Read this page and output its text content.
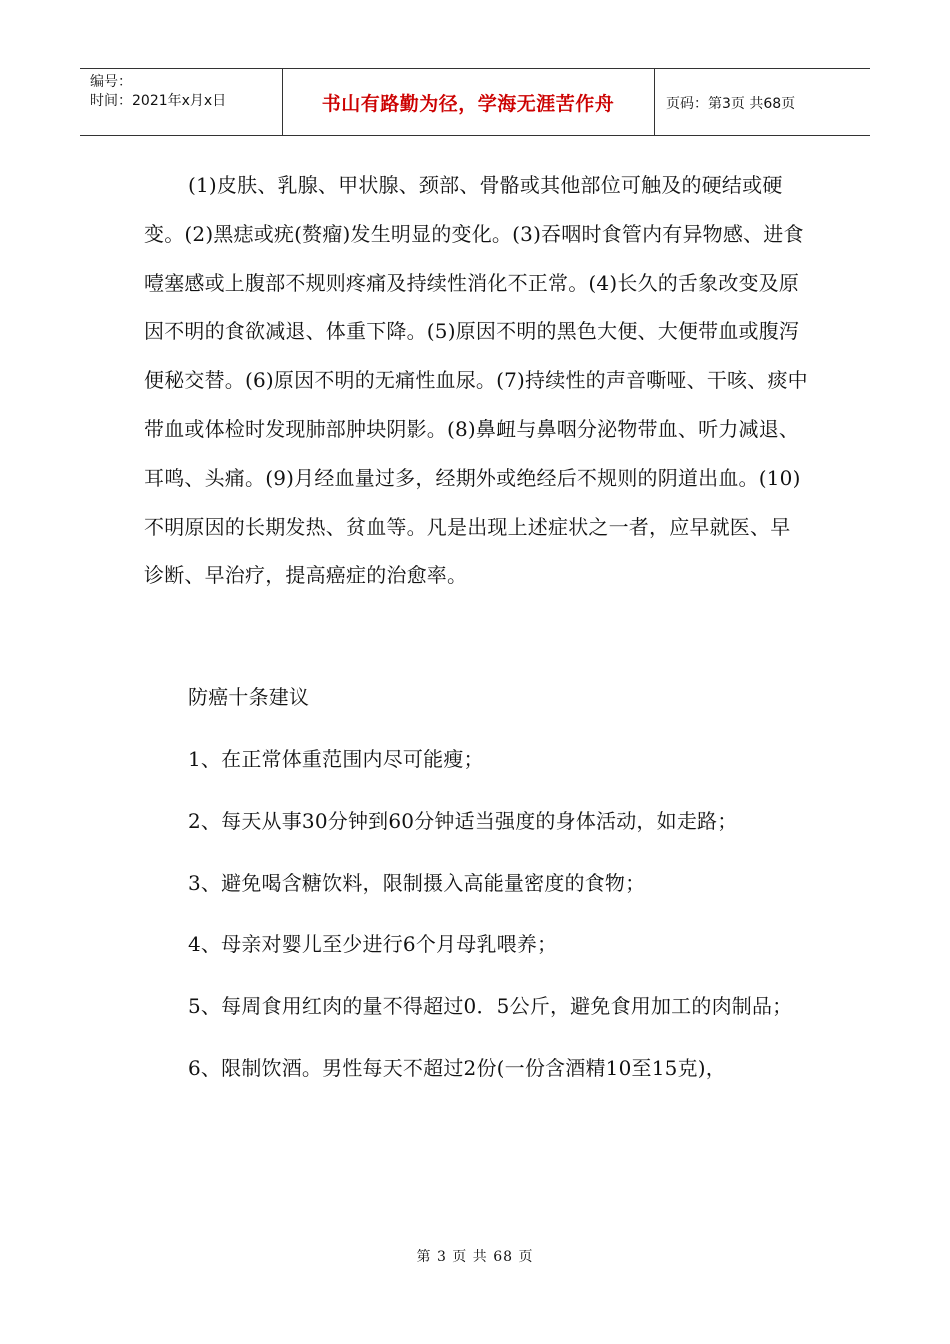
编号：
时间：2021年x月x日	书山有路勤为径，学海无涯苦作舟	页码：第3页 共68页

(1)皮肤、乳腺、甲状腺、颈部、骨骼或其他部位可触及的硬结或硬变。(2)黑痣或疣(赘瘤)发生明显的变化。(3)吞咽时食管内有异物感、进食噎塞感或上腹部不规则疼痛及持续性消化不正常。(4)长久的舌象改变及原因不明的食欲减退、体重下降。(5)原因不明的黑色大便、大便带血或腹泻便秘交替。(6)原因不明的无痛性血尿。(7)持续性的声音嘶哑、干咳、痰中带血或体检时发现肺部肿块阴影。(8)鼻衄与鼻咽分泌物带血、听力减退、耳鸣、头痛。(9)月经血量过多，经期外或绝经后不规则的阴道出血。(10)不明原因的长期发热、贫血等。凡是出现上述症状之一者，应早就医、早诊断、早治疗，提高癌症的治愈率。

防癌十条建议

1、在正常体重范围内尽可能瘦；

2、每天从事30分钟到60分钟适当强度的身体活动，如走路；

3、避免喝含糖饮料，限制摄入高能量密度的食物；

4、母亲对婴儿至少进行6个月母乳喂养；

5、每周食用红肉的量不得超过0．5公斤，避免食用加工的肉制品；

6、限制饮酒。男性每天不超过2份(一份含酒精10至15克)，

第 3 页 共 68 页
